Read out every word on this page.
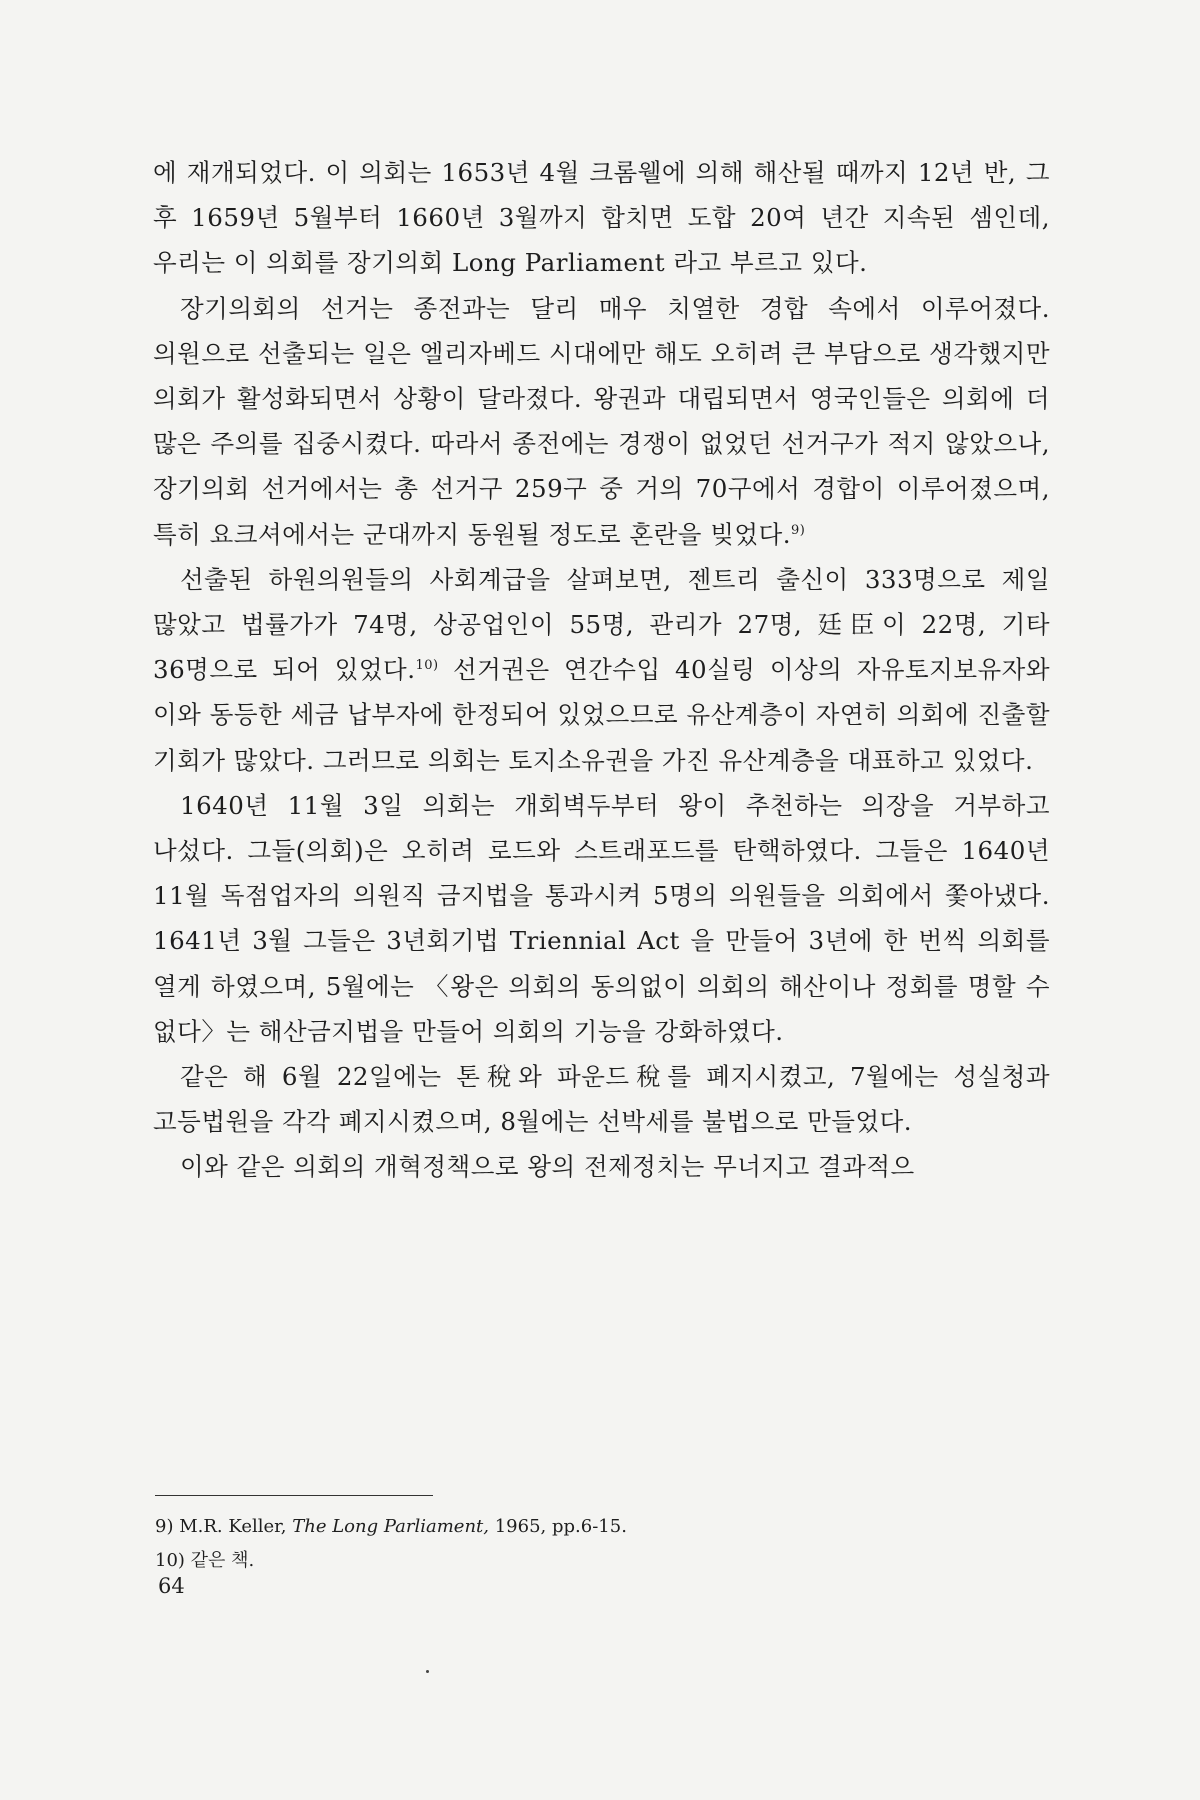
에 재개되었다. 이 의회는 1653년 4월 크롬웰에 의해 해산될 때까지 12년 반, 그 후 1659년 5월부터 1660년 3월까지 합치면 도합 20여 년간 지속된 셈인데, 우리는 이 의회를 장기의회 Long Parliament 라고 부르고 있다.

장기의회의 선거는 종전과는 달리 매우 치열한 경합 속에서 이루어졌다. 의원으로 선출되는 일은 엘리자베드 시대에만 해도 오히려 큰 부담으로 생각했지만 의회가 활성화되면서 상황이 달라졌다. 왕권과 대립되면서 영국인들은 의회에 더 많은 주의를 집중시켰다. 따라서 종전에는 경쟁이 없었던 선거구가 적지 않았으나, 장기의회 선거에서는 총 선거구 259구 중 거의 70구에서 경합이 이루어졌으며, 특히 요크셔에서는 군대까지 동원될 정도로 혼란을 빚었다.$^{9)}$

선출된 하원의원들의 사회계급을 살펴보면, 젠트리 출신이 333명으로 제일 많았고 법률가가 74명, 상공업인이 55명, 관리가 27명, 廷臣이 22명, 기타 36명으로 되어 있었다.$^{10)}$ 선거권은 연간수입 40실링 이상의 자유토지보유자와 이와 동등한 세금 납부자에 한정되어 있었으므로 유산계층이 자연히 의회에 진출할 기회가 많았다. 그러므로 의회는 토지소유권을 가진 유산계층을 대표하고 있었다.

1640년 11월 3일 의회는 개회벽두부터 왕이 추천하는 의장을 거부하고 나섰다. 그들(의회)은 오히려 로드와 스트래포드를 탄핵하였다. 그들은 1640년 11월 독점업자의 의원직 금지법을 통과시켜 5명의 의원들을 의회에서 쫓아냈다. 1641년 3월 그들은 3년회기법 Triennial Act 을 만들어 3년에 한 번씩 의회를 열게 하였으며, 5월에는 〈왕은 의회의 동의없이 의회의 해산이나 정회를 명할 수 없다〉는 해산금지법을 만들어 의회의 기능을 강화하였다.

같은 해 6월 22일에는 톤稅와 파운드稅를 폐지시켰고, 7월에는 성실청과 고등법원을 각각 폐지시켰으며, 8월에는 선박세를 불법으로 만들었다.

이와 같은 의회의 개혁정책으로 왕의 전제정치는 무너지고 결과적으

9) M.R. Keller, The Long Parliament, 1965, pp.6-15.

10) 같은 책.

64
